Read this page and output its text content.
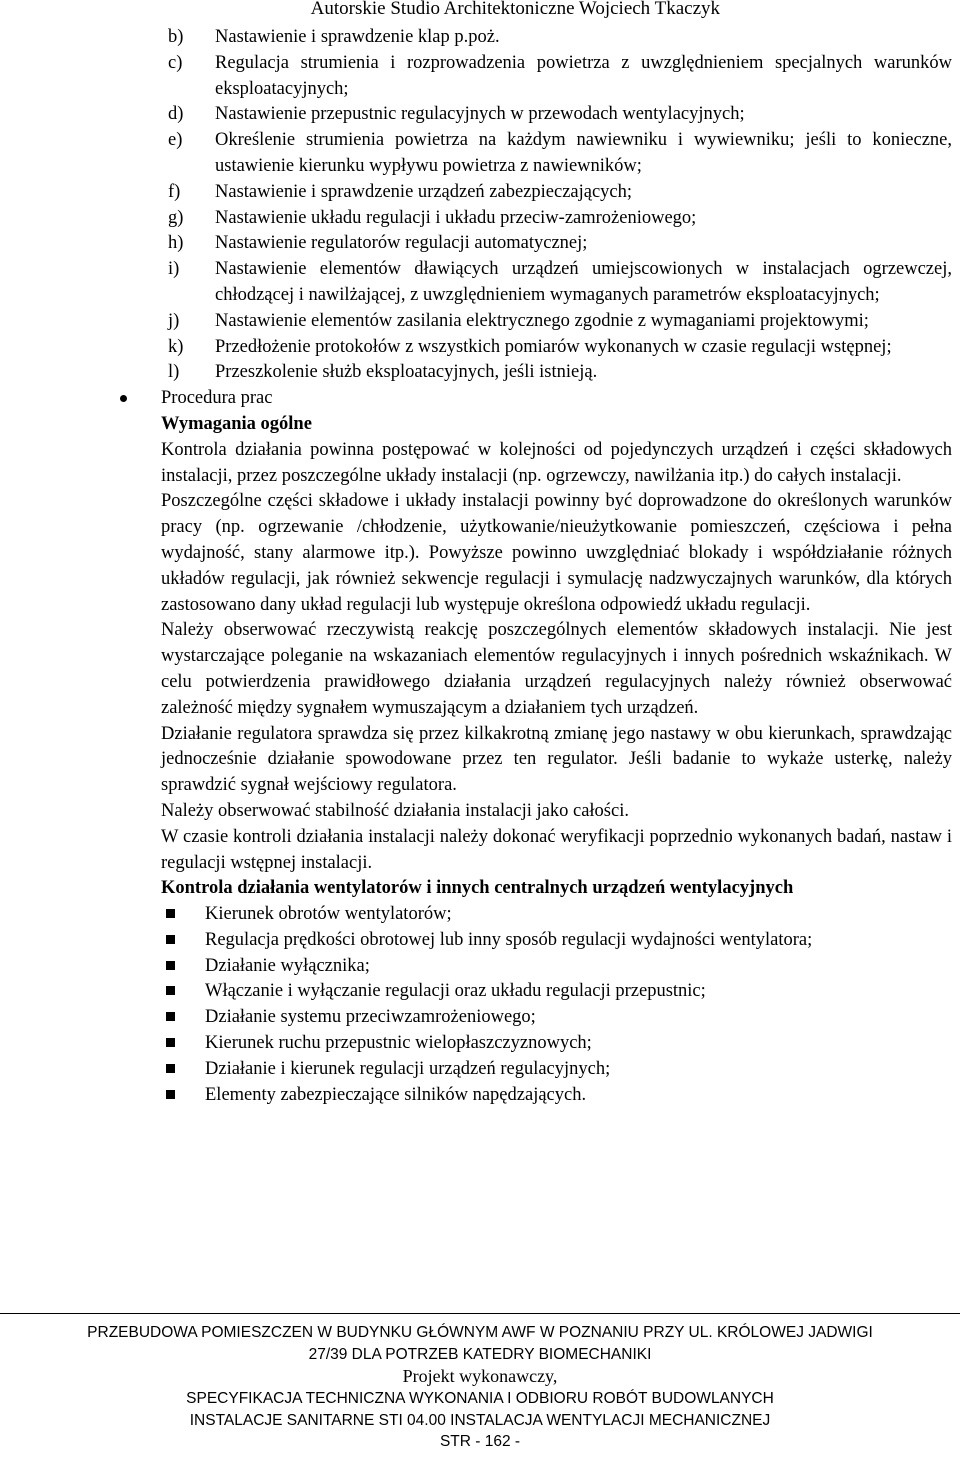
Autorskie Studio Architektoniczne Wojciech Tkaczyk
b) Nastawienie i sprawdzenie klap p.poż.
c) Regulacja strumienia i rozprowadzenia powietrza z uwzględnieniem specjalnych warunków eksploatacyjnych;
d) Nastawienie przepustnic regulacyjnych w przewodach wentylacyjnych;
e) Określenie strumienia powietrza na każdym nawiewniku i wywiewniku; jeśli to konieczne, ustawienie kierunku wypływu powietrza z nawiewników;
f) Nastawienie i sprawdzenie urządzeń zabezpieczających;
g) Nastawienie układu regulacji i układu przeciw-zamrożeniowego;
h) Nastawienie regulatorów regulacji automatycznej;
i) Nastawienie elementów dławiących urządzeń umiejscowionych w instalacjach ogrzewczej, chłodzącej i nawilżającej, z uwzględnieniem wymaganych parametrów eksploatacyjnych;
j) Nastawienie elementów zasilania elektrycznego zgodnie z wymaganiami projektowymi;
k) Przedłożenie protokołów z wszystkich pomiarów wykonanych w czasie regulacji wstępnej;
l) Przeszkolenie służb eksploatacyjnych, jeśli istnieją.
Procedura prac
Wymagania ogólne
Kontrola działania powinna postępować w kolejności od pojedynczych urządzeń i części składowych instalacji, przez poszczególne układy instalacji (np. ogrzewczy, nawilżania itp.) do całych instalacji.
Poszczególne części składowe i układy instalacji powinny być doprowadzone do określonych warunków pracy (np. ogrzewanie /chłodzenie, użytkowanie/nieużytkowanie pomieszczeń, częściowa i pełna wydajność, stany alarmowe itp.). Powyższe powinno uwzględniać blokady i współdziałanie różnych układów regulacji, jak również sekwencje regulacji i symulację nadzwyczajnych warunków, dla których zastosowano dany układ regulacji lub występuje określona odpowiedź układu regulacji.
Należy obserwować rzeczywistą reakcję poszczególnych elementów składowych instalacji. Nie jest wystarczające poleganie na wskazaniach elementów regulacyjnych i innych pośrednich wskaźnikach. W celu potwierdzenia prawidłowego działania urządzeń regulacyjnych należy również obserwować zależność między sygnałem wymuszającym a działaniem tych urządzeń.
Działanie regulatora sprawdza się przez kilkakrotną zmianę jego nastawy w obu kierunkach, sprawdzając jednocześnie działanie spowodowane przez ten regulator. Jeśli badanie to wykaże usterkę, należy sprawdzić sygnał wejściowy regulatora.
Należy obserwować stabilność działania instalacji jako całości.
W czasie kontroli działania instalacji należy dokonać weryfikacji poprzednio wykonanych badań, nastaw i regulacji wstępnej instalacji.
Kontrola działania wentylatorów i innych centralnych urządzeń wentylacyjnych
Kierunek obrotów wentylatorów;
Regulacja prędkości obrotowej lub inny sposób regulacji wydajności wentylatora;
Działanie wyłącznika;
Włączanie i wyłączanie regulacji oraz układu regulacji przepustnic;
Działanie systemu przeciwzamrożeniowego;
Kierunek ruchu przepustnic wielopłaszczyznowych;
Działanie i kierunek regulacji urządzeń regulacyjnych;
Elementy zabezpieczające silników napędzających.
PRZEBUDOWA POMIESZCZEN W BUDYNKU GŁÓWNYM AWF W POZNANIU PRZY UL. KRÓLOWEJ JADWIGI
27/39 DLA POTRZEB KATEDRY BIOMECHANIKI
Projekt wykonawczy,
SPECYFIKACJA TECHNICZNA WYKONANIA I ODBIORU ROBÓT BUDOWLANYCH
INSTALACJE SANITARNE STI 04.00 INSTALACJA WENTYLACJI MECHANICZNEJ
STR - 162 -
